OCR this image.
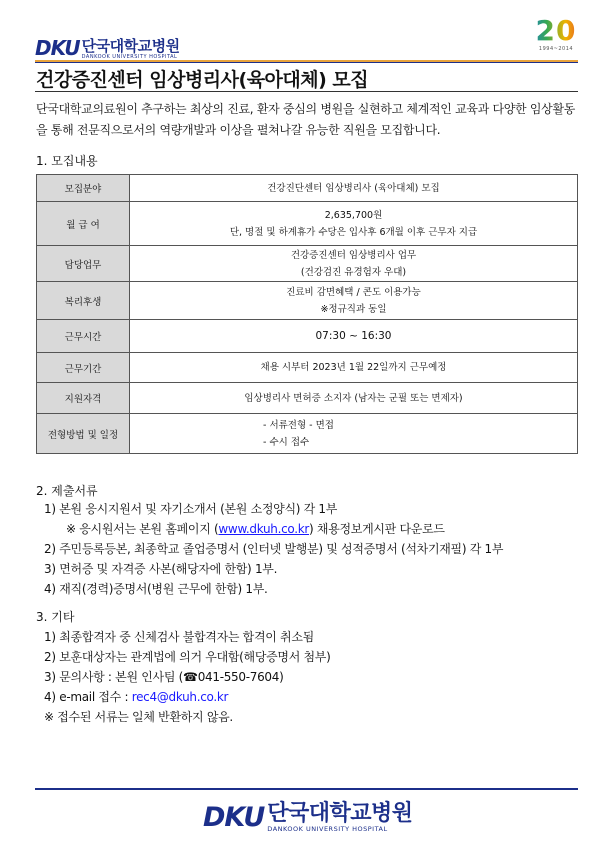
DKU 단국대학교병원
DANKOOK UNIVERSITY HOSPITAL
20
1994~2014
건강증진센터 임상병리사(육아대체) 모집
단국대학교의료원이 추구하는 최상의 진료, 환자 중심의 병원을 실현하고 체계적인 교육과 다양한 임상활동을 통해 전문직으로서의 역량개발과 이상을 펼쳐나갈 유능한 직원을 모집합니다.
1. 모집내용
모집분야	건강진단센터 임상병리사 (육아대체) 모집

월 급 여	2,635,700원
단, 명절 및 하계휴가 수당은 입사후 6개월 이후 근무자 지급

담당업무	건강증진센터 임상병리사 업무
(건강검진 유경험자 우대)

복리후생	진료비 감면혜택 / 콘도 이용가능
※정규직과 동일

근무시간	07:30 ~ 16:30

근무기간	채용 시부터 2023년 1월 22일까지 근무예정

지원자격	임상병리사 면허증 소지자 (남자는 군필 또는 면제자)

전형방법 및 일정	- 서류전형 - 면접
- 수시 접수
2. 제출서류
1) 본원 응시지원서 및 자기소개서 (본원 소정양식) 각 1부
※ 응시원서는 본원 홈페이지 (www.dkuh.co.kr) 채용정보게시판 다운로드
2) 주민등록등본, 최종학교 졸업증명서 (인터넷 발행분) 및 성적증명서 (석차기재필) 각 1부
3) 면허증 및 자격증 사본(해당자에 한함) 1부.
4) 재직(경력)증명서(병원 근무에 한함) 1부.
3. 기타
1) 최종합격자 중 신체검사 불합격자는 합격이 취소됨
2) 보훈대상자는 관계법에 의거 우대함(해당증명서 첨부)
3) 문의사항 : 본원 인사팀 (☎041-550-7604)
4) e-mail 접수 : rec4@dkuh.co.kr
※ 접수된 서류는 일체 반환하지 않음.
DKU 단국대학교병원
DANKOOK UNIVERSITY HOSPITAL
